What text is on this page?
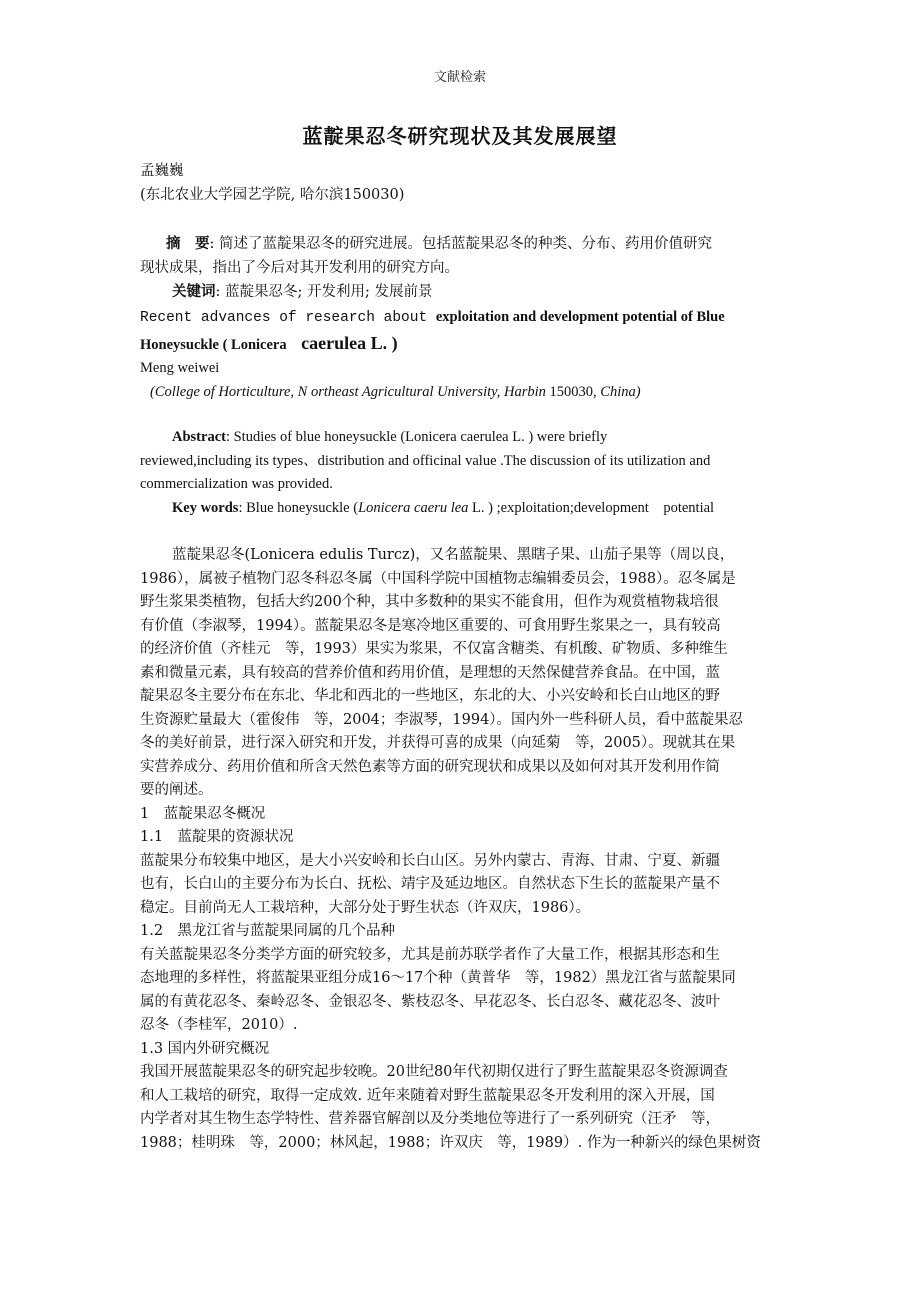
文献检索
蓝靛果忍冬研究现状及其发展展望
孟巍巍
(东北农业大学园艺学院, 哈尔滨150030)
摘　要: 简述了蓝靛果忍冬的研究进展。包括蓝靛果忍冬的种类、分布、药用价值研究
现状成果，指出了今后对其开发利用的研究方向。
关键词: 蓝靛果忍冬; 开发利用; 发展前景
Recent advances of research about exploitation and development potential of Blue
Honeysuckle ( Lonicera caerulea L. )
Meng weiwei
(College of Horticulture, N ortheast Agricultural University, Harbin 150030, China)
Abstract: Studies of blue honeysuckle (Lonicera caerulea L. ) were briefly
reviewed,including its types、distribution and officinal value .The discussion of its utilization and
commercialization was provided.
Key words: Blue honeysuckle (Lonicera caeru lea L. ) ;exploitation;development　potential
蓝靛果忍冬(Lonicera edulis Turcz)，又名蓝靛果、黑瞎子果、山茄子果等（周以良，
1986），属被子植物门忍冬科忍冬属（中国科学院中国植物志编辑委员会，1988）。忍冬属是
野生浆果类植物，包括大约200个种，其中多数种的果实不能食用，但作为观赏植物栽培很
有价值（李淑琴，1994）。蓝靛果忍冬是寒冷地区重要的、可食用野生浆果之一，具有较高
的经济价值（齐桂元　等，1993）果实为浆果，不仅富含糖类、有机酸、矿物质、多种维生
素和微量元素，具有较高的营养价值和药用价值，是理想的天然保健营养食品。在中国，蓝
靛果忍冬主要分布在东北、华北和西北的一些地区，东北的大、小兴安岭和长白山地区的野
生资源贮量最大（霍俊伟　等，2004；李淑琴，1994）。国内外一些科研人员，看中蓝靛果忍
冬的美好前景，进行深入研究和开发，并获得可喜的成果（向延菊　等，2005）。现就其在果
实营养成分、药用价值和所含天然色素等方面的研究现状和成果以及如何对其开发利用作简
要的阐述。
1　蓝靛果忍冬概况
1.1　蓝靛果的资源状况
蓝靛果分布较集中地区，是大小兴安岭和长白山区。另外内蒙古、青海、甘肃、宁夏、新疆
也有，长白山的主要分布为长白、抚松、靖宇及延边地区。自然状态下生长的蓝靛果产量不
稳定。目前尚无人工栽培种，大部分处于野生状态（许双庆，1986）。
1.2　黑龙江省与蓝靛果同属的几个品种
有关蓝靛果忍冬分类学方面的研究较多，尤其是前苏联学者作了大量工作，根据其形态和生
态地理的多样性，将蓝靛果亚组分成16～17个种（黄普华　等，1982）黑龙江省与蓝靛果同
属的有黄花忍冬、秦岭忍冬、金银忍冬、紫枝忍冬、早花忍冬、长白忍冬、藏花忍冬、波叶
忍冬（李桂军，2010）.
1.3 国内外研究概况
我国开展蓝靛果忍冬的研究起步较晚。20世纪80年代初期仅进行了野生蓝靛果忍冬资源调查
和人工栽培的研究，取得一定成效. 近年来随着对野生蓝靛果忍冬开发利用的深入开展，国
内学者对其生物生态学特性、营养器官解剖以及分类地位等进行了一系列研究（汪矛　等，
1988；桂明珠　等，2000；林风起，1988；许双庆　等，1989）. 作为一种新兴的绿色果树资
